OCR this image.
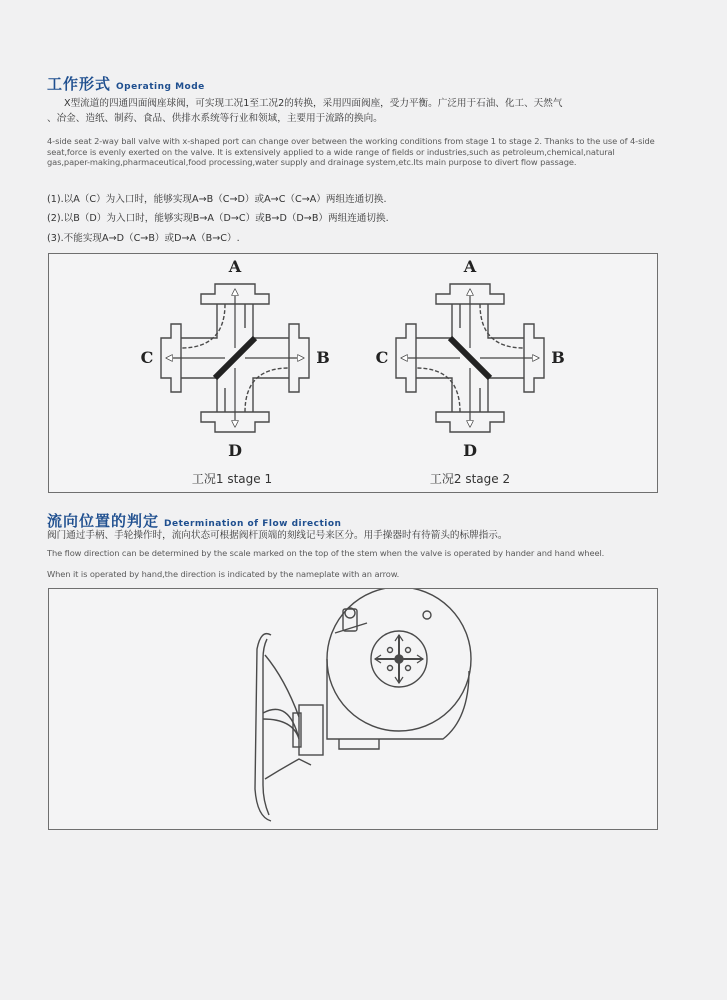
工作形式 Operating Mode
X型流道的四通四面阀座球阀，可实现工况1至工况2的转换，采用四面阀座，受力平衡。广泛用于石油、化工、天然气
、冶金、造纸、制药、食品、供排水系统等行业和领域，主要用于流路的换向。
4-side seat 2-way ball valve with x-shaped port can change over between the working conditions from stage 1 to stage 2. Thanks to the use of 4-side seat,force is evenly exerted on the valve. It is extensively applied to a wide range of fields or industries,such as petroleum,chemical,natural gas,paper-making,pharmaceutical,food processing,water supply and drainage system,etc.Its main purpose to divert flow passage.
(1).以A（C）为入口时，能够实现A→B（C→D）或A→C（C→A）两组连通切换.
(2).以B（D）为入口时，能够实现B→A（D→C）或B→D（D→B）两组连通切换.
(3).不能实现A→D（C→B）或D→A（B→C）.
A
D
C	B
工况1 stage 1
A
D
C	B
工况2 stage 2
流向位置的判定 Determination of Flow direction
阀门通过手柄、手轮操作时，流向状态可根据阀杆顶端的刻线记号来区分。用手操器时有待箭头的标牌指示。
The flow direction can be determined by the scale marked on the top of the stem when the valve is operated by hander and hand wheel.
When it is operated by hand,the direction is indicated by the nameplate with an arrow.
